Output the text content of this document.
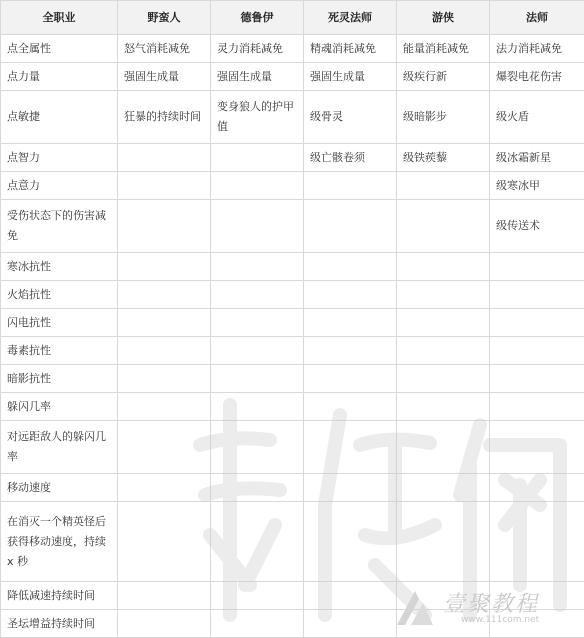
全职业	野蛮人	德鲁伊	死灵法师	游侠	法师
点全属性	怒气消耗减免	灵力消耗减免	精魂消耗减免	能量消耗减免	法力消耗减免
点力量	强固生成量	强固生成量	强固生成量	级疾行新	爆裂电花伤害
点敏捷	狂暴的持续时间	变身狼人的护甲值	级骨灵	级暗影步	级火盾
点智力			级亡骸卷须	级铁蒺藜	级冰霜新星
点意力					级寒冰甲
受伤状态下的伤害减免					级传送术
寒冰抗性					
火焰抗性					
闪电抗性					
毒素抗性					
暗影抗性					
躲闪几率					
对远距敌人的躲闪几率					
移动速度					
在消灭一个精英怪后获得移动速度，持续 x 秒					
降低减速持续时间					
圣坛增益持续时间					
壹聚教程
www.111com.net
